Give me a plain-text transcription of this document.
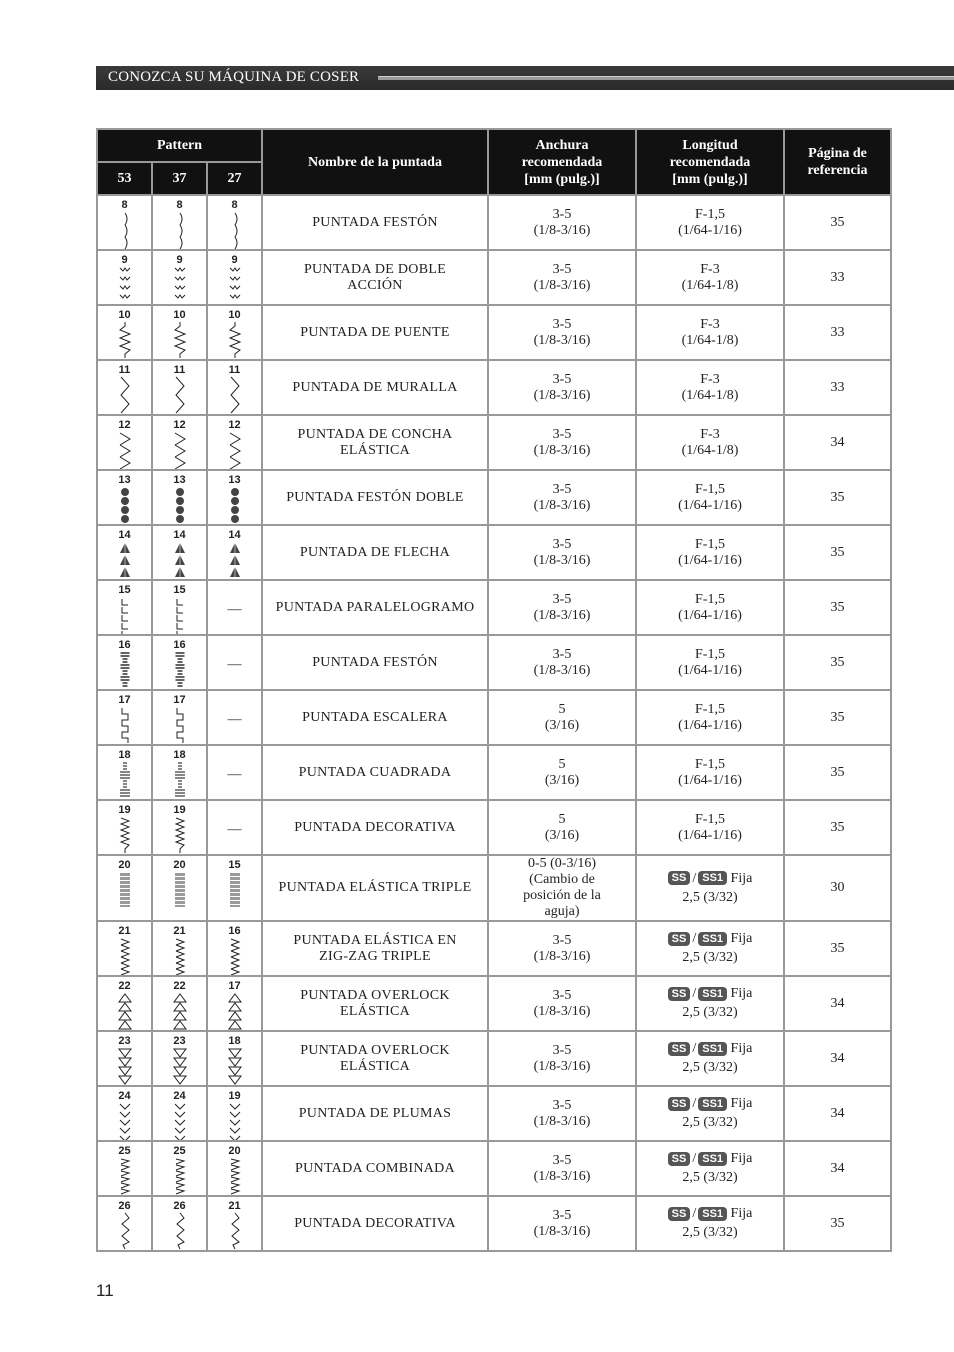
CONOZCA SU MÁQUINA DE COSER
Pattern			Nombre de la puntada	Anchura
recomendada
[mm (pulg.)]	Longitud
recomendada
[mm (pulg.)]	Página de
referencia
53	37	27				

8	8	8	PUNTADA FESTÓN	3-5
(1/8-3/16)	F-1,5
(1/64-1/16)	35

9	9	9	PUNTADA DE DOBLE
ACCIÓN	3-5
(1/8-3/16)	F-3
(1/64-1/8)	33

10	10	10	PUNTADA DE PUENTE	3-5
(1/8-3/16)	F-3
(1/64-1/8)	33

11	11	11	PUNTADA DE MURALLA	3-5
(1/8-3/16)	F-3
(1/64-1/8)	33

12	12	12	PUNTADA DE CONCHA
ELÁSTICA	3-5
(1/8-3/16)	F-3
(1/64-1/8)	34

13	13	13	PUNTADA FESTÓN DOBLE	3-5
(1/8-3/16)	F-1,5
(1/64-1/16)	35

14	14	14	PUNTADA DE FLECHA	3-5
(1/8-3/16)	F-1,5
(1/64-1/16)	35

15	15	—	PUNTADA PARALELOGRAMO	3-5
(1/8-3/16)	F-1,5
(1/64-1/16)	35

16	16	—	PUNTADA FESTÓN	3-5
(1/8-3/16)	F-1,5
(1/64-1/16)	35

17	17	—	PUNTADA ESCALERA	5
(3/16)	F-1,5
(1/64-1/16)	35

18	18	—	PUNTADA CUADRADA	5
(3/16)	F-1,5
(1/64-1/16)	35

19	19	—	PUNTADA DECORATIVA	5
(3/16)	F-1,5
(1/64-1/16)	35

20	20	15	PUNTADA ELÁSTICA TRIPLE	0-5 (0-3/16)
(Cambio de
posición de la
aguja)	SS / SS1 Fija
2,5 (3/32)	30

21	21	16	PUNTADA ELÁSTICA EN
ZIG-ZAG TRIPLE	3-5
(1/8-3/16)	SS / SS1 Fija
2,5 (3/32)	35

22	22	17	PUNTADA OVERLOCK
ELÁSTICA	3-5
(1/8-3/16)	SS / SS1 Fija
2,5 (3/32)	34

23	23	18	PUNTADA OVERLOCK
ELÁSTICA	3-5
(1/8-3/16)	SS / SS1 Fija
2,5 (3/32)	34

24	24	19	PUNTADA DE PLUMAS	3-5
(1/8-3/16)	SS / SS1 Fija
2,5 (3/32)	34

25	25	20	PUNTADA COMBINADA	3-5
(1/8-3/16)	SS / SS1 Fija
2,5 (3/32)	34

26	26	21	PUNTADA DECORATIVA	3-5
(1/8-3/16)	SS / SS1 Fija
2,5 (3/32)	35
11
